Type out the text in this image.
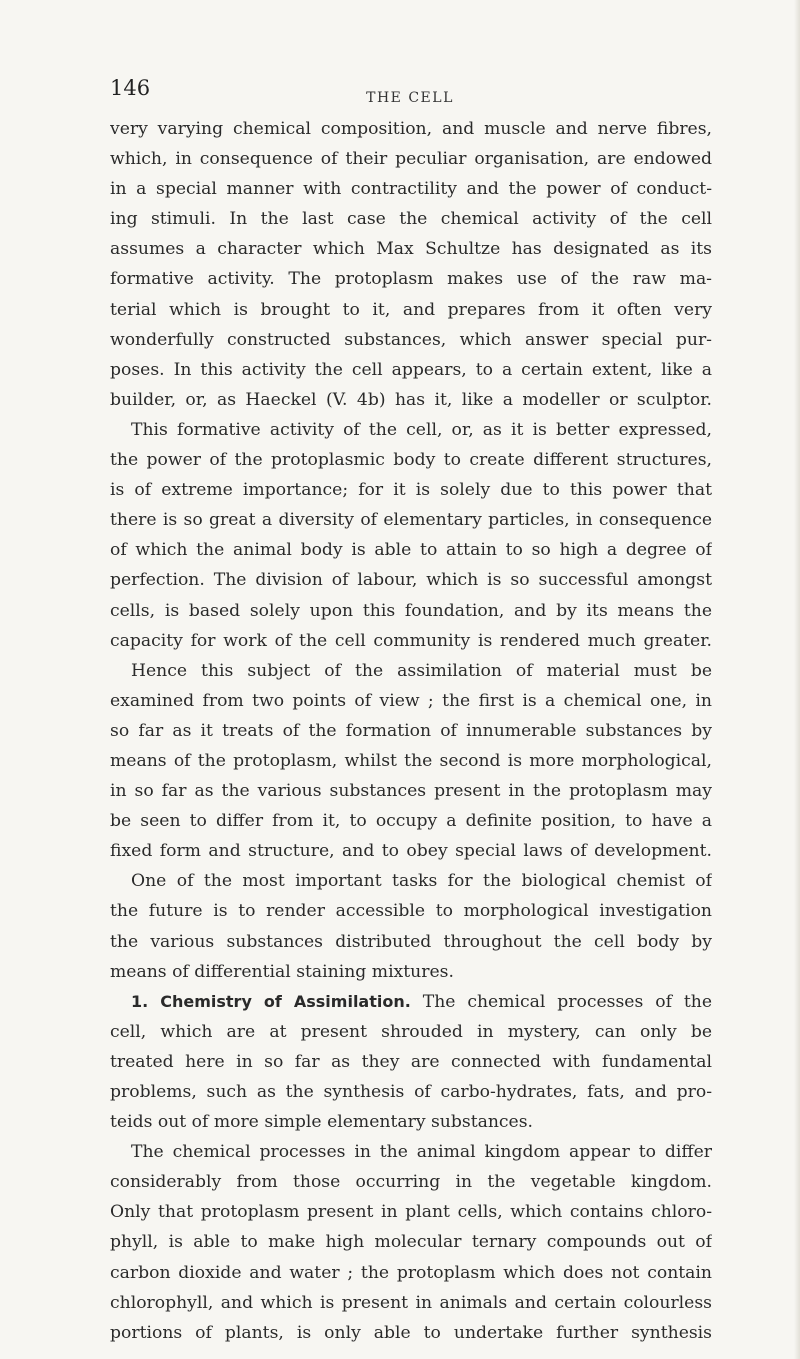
146	THE CELL
very varying chemical composition, and muscle and nerve fibres,
which, in consequence of their peculiar organisation, are endowed
in a special manner with contractility and the power of conduct-
ing stimuli. In the last case the chemical activity of the cell
assumes a character which Max Schultze has designated as its
formative activity. The protoplasm makes use of the raw ma-
terial which is brought to it, and prepares from it often very
wonderfully constructed substances, which answer special pur-
poses. In this activity the cell appears, to a certain extent, like a
builder, or, as Haeckel (V. 4b) has it, like a modeller or sculptor.
This formative activity of the cell, or, as it is better expressed,
the power of the protoplasmic body to create different structures,
is of extreme importance; for it is solely due to this power that
there is so great a diversity of elementary particles, in consequence
of which the animal body is able to attain to so high a degree of
perfection. The division of labour, which is so successful amongst
cells, is based solely upon this foundation, and by its means the
capacity for work of the cell community is rendered much greater.
Hence this subject of the assimilation of material must be
examined from two points of view ; the first is a chemical one, in
so far as it treats of the formation of innumerable substances by
means of the protoplasm, whilst the second is more morphological,
in so far as the various substances present in the protoplasm may
be seen to differ from it, to occupy a definite position, to have a
fixed form and structure, and to obey special laws of development.
One of the most important tasks for the biological chemist of
the future is to render accessible to morphological investigation
the various substances distributed throughout the cell body by
means of differential staining mixtures.
1. Chemistry of Assimilation. The chemical processes of the
cell, which are at present shrouded in mystery, can only be
treated here in so far as they are connected with fundamental
problems, such as the synthesis of carbo-hydrates, fats, and pro-
teids out of more simple elementary substances.
The chemical processes in the animal kingdom appear to differ
considerably from those occurring in the vegetable kingdom.
Only that protoplasm present in plant cells, which contains chloro-
phyll, is able to make high molecular ternary compounds out of
carbon dioxide and water ; the protoplasm which does not contain
chlorophyll, and which is present in animals and certain colourless
portions of plants, is only able to undertake further synthesis
